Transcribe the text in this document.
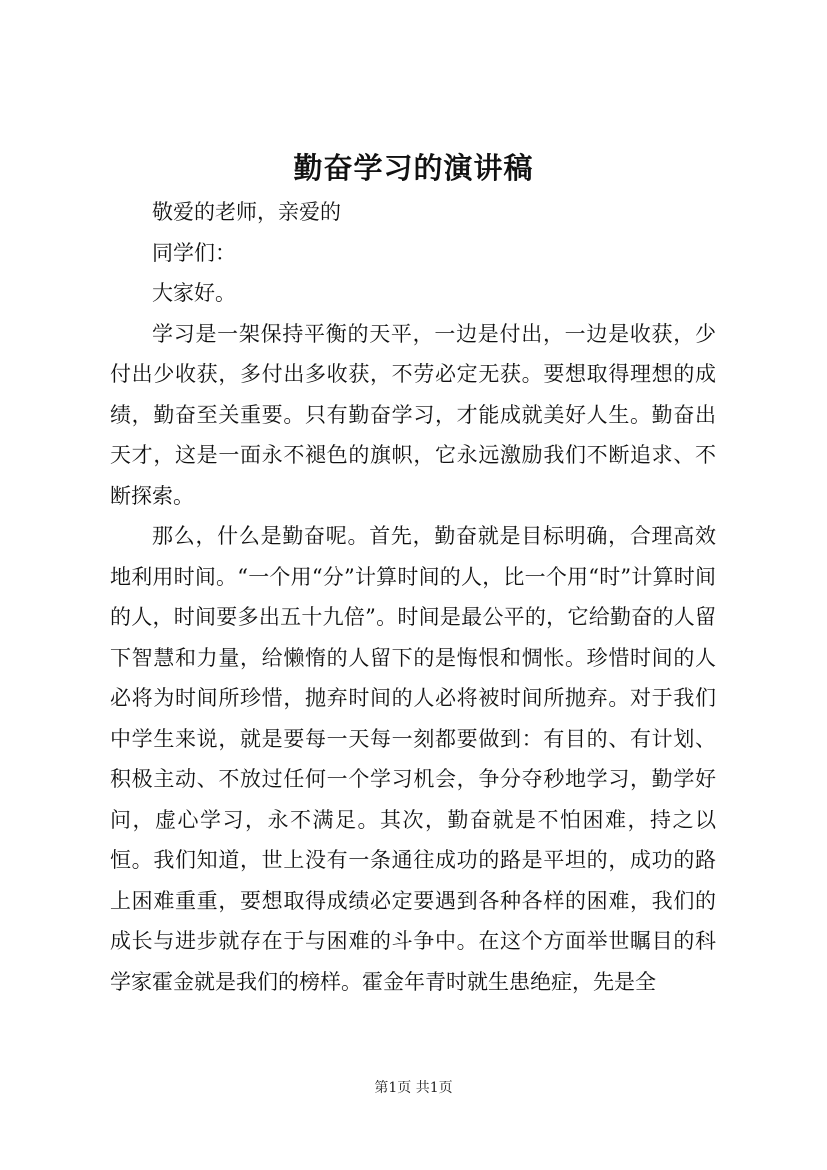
勤奋学习的演讲稿

敬爱的老师，亲爱的

同学们：

大家好。

学习是一架保持平衡的天平，一边是付出，一边是收获，少付出少收获，多付出多收获，不劳必定无获。要想取得理想的成绩，勤奋至关重要。只有勤奋学习，才能成就美好人生。勤奋出天才，这是一面永不褪色的旗帜，它永远激励我们不断追求、不断探索。

那么，什么是勤奋呢。首先，勤奋就是目标明确，合理高效地利用时间。“一个用“分”计算时间的人，比一个用“时”计算时间的人，时间要多出五十九倍”。时间是最公平的，它给勤奋的人留下智慧和力量，给懒惰的人留下的是悔恨和惆怅。珍惜时间的人必将为时间所珍惜，抛弃时间的人必将被时间所抛弃。对于我们中学生来说，就是要每一天每一刻都要做到：有目的、有计划、积极主动、不放过任何一个学习机会，争分夺秒地学习，勤学好问，虚心学习，永不满足。其次，勤奋就是不怕困难，持之以恒。我们知道，世上没有一条通往成功的路是平坦的，成功的路上困难重重，要想取得成绩必定要遇到各种各样的困难，我们的成长与进步就存在于与困难的斗争中。在这个方面举世瞩目的科学家霍金就是我们的榜样。霍金年青时就生患绝症，先是全

第1页 共1页
